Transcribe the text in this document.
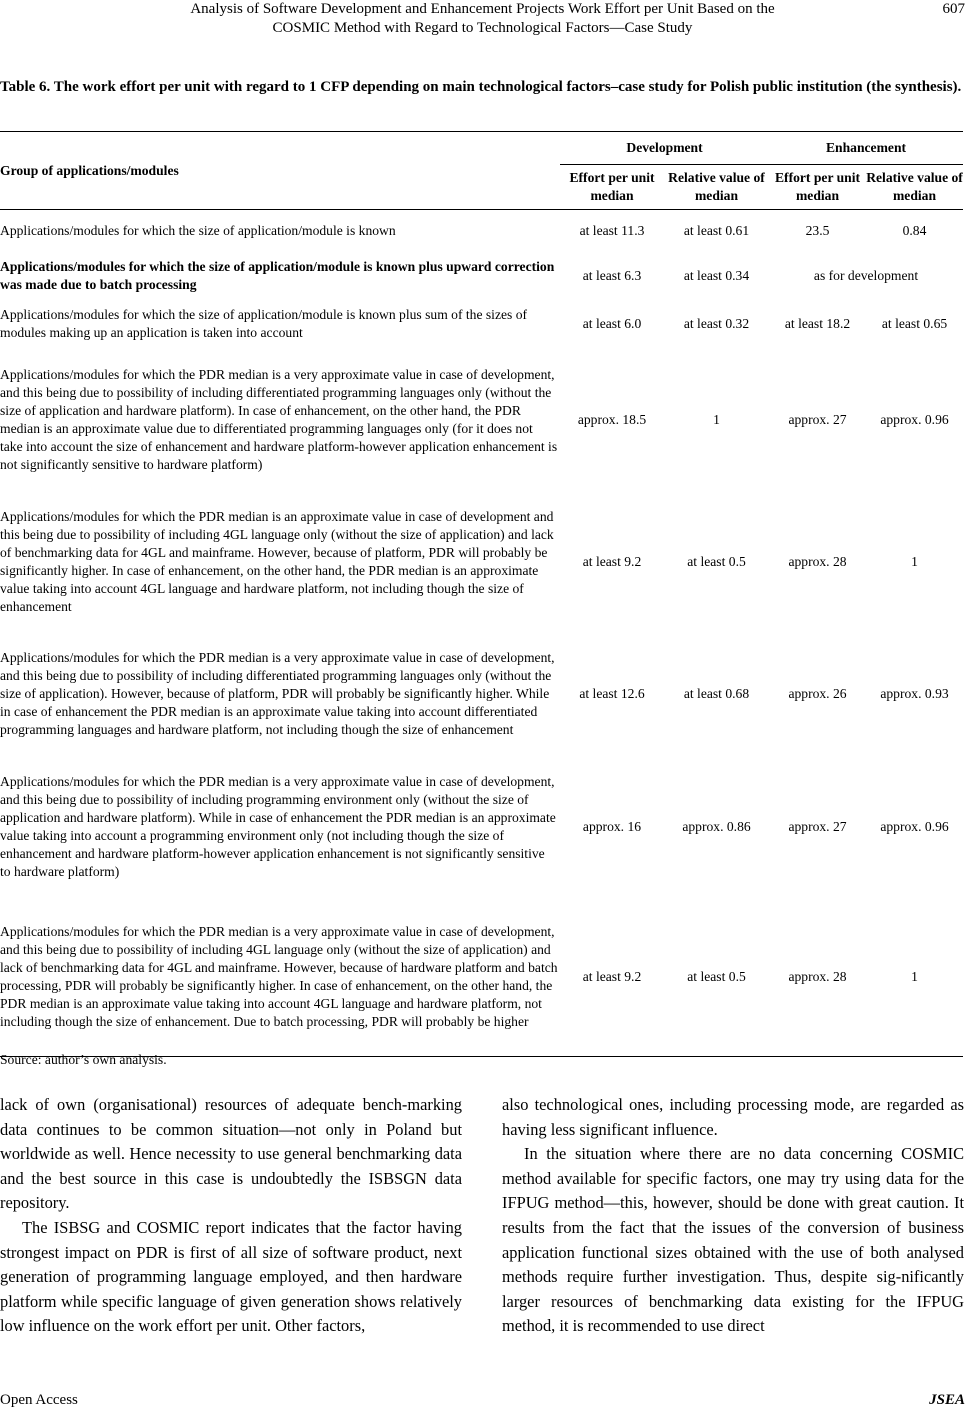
Analysis of Software Development and Enhancement Projects Work Effort per Unit Based on the
COSMIC Method with Regard to Technological Factors—Case Study
607
Table 6. The work effort per unit with regard to 1 CFP depending on main technological factors–case study for Polish public institution (the synthesis).
Group of applications/modules	Development		Enhancement	
	Effort per unit median	Relative value of median	Effort per unit median	Relative value of median
Applications/modules for which the size of application/module is known	at least 11.3	at least 0.61	23.5	0.84
Applications/modules for which the size of application/module is known plus upward correction was made due to batch processing	at least 6.3	at least 0.34	as for development	
Applications/modules for which the size of application/module is known plus sum of the sizes of modules making up an application is taken into account	at least 6.0	at least 0.32	at least 18.2	at least 0.65
Applications/modules for which the PDR median is a very approximate value in case of development, and this being due to possibility of including differentiated programming languages only (without the size of application and hardware platform). In case of enhancement, on the other hand, the PDR median is an approximate value due to differentiated programming languages only (for it does not take into account the size of enhancement and hardware platform-however application enhancement is not significantly sensitive to hardware platform)	approx. 18.5	1	approx. 27	approx. 0.96
Applications/modules for which the PDR median is an approximate value in case of development and this being due to possibility of including 4GL language only (without the size of application) and lack of benchmarking data for 4GL and mainframe. However, because of platform, PDR will probably be significantly higher. In case of enhancement, on the other hand, the PDR median is an approximate value taking into account 4GL language and hardware platform, not including though the size of enhancement	at least 9.2	at least 0.5	approx. 28	1
Applications/modules for which the PDR median is a very approximate value in case of development, and this being due to possibility of including differentiated programming languages only (without the size of application). However, because of platform, PDR will probably be significantly higher. While in case of enhancement the PDR median is an approximate value taking into account differentiated programming languages and hardware platform, not including though the size of enhancement	at least 12.6	at least 0.68	approx. 26	approx. 0.93
Applications/modules for which the PDR median is a very approximate value in case of development, and this being due to possibility of including programming environment only (without the size of application and hardware platform). While in case of enhancement the PDR median is an approximate value taking into account a programming environment only (not including though the size of enhancement and hardware platform-however application enhancement is not significantly sensitive to hardware platform)	approx. 16	approx. 0.86	approx. 27	approx. 0.96
Applications/modules for which the PDR median is a very approximate value in case of development, and this being due to possibility of including 4GL language only (without the size of application) and lack of benchmarking data for 4GL and mainframe. However, because of hardware platform and batch processing, PDR will probably be significantly higher. In case of enhancement, on the other hand, the PDR median is an approximate value taking into account 4GL language and hardware platform, not including though the size of enhancement. Due to batch processing, PDR will probably be higher	at least 9.2	at least 0.5	approx. 28	1
Source: author’s own analysis.

lack of own (organisational) resources of adequate bench-marking data continues to be common situation—not only in Poland but worldwide as well. Hence necessity to use general benchmarking data and the best source in this case is undoubtedly the ISBSGN data repository.

The ISBSG and COSMIC report indicates that the factor having strongest impact on PDR is first of all size of software product, next generation of programming language employed, and then hardware platform while specific language of given generation shows relatively low influence on the work effort per unit. Other factors,

also technological ones, including processing mode, are regarded as having less significant influence.

In the situation where there are no data concerning COSMIC method available for specific factors, one may try using data for the IFPUG method—this, however, should be done with great caution. It results from the fact that the issues of the conversion of business application functional sizes obtained with the use of both analysed methods require further investigation. Thus, despite sig-nificantly larger resources of benchmarking data existing for the IFPUG method, it is recommended to use direct

Open Access	JSEA
